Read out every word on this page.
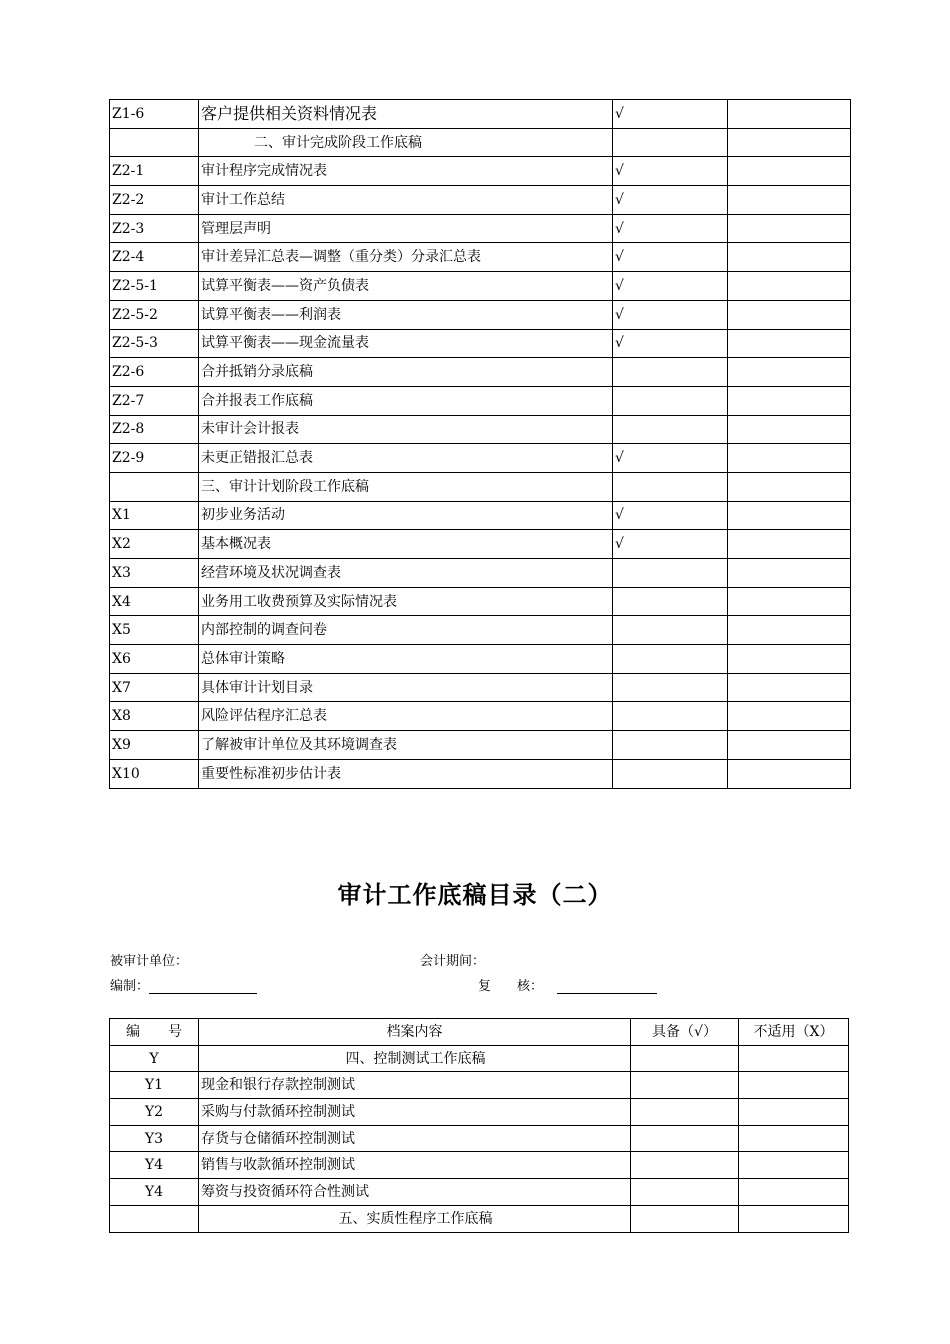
Z1-6	客户提供相关资料情况表	√	
	二、审计完成阶段工作底稿		
Z2-1	审计程序完成情况表	√	
Z2-2	审计工作总结	√	
Z2-3	管理层声明	√	
Z2-4	审计差异汇总表—调整（重分类）分录汇总表	√	
Z2-5-1	试算平衡表——资产负债表	√	
Z2-5-2	试算平衡表——利润表	√	
Z2-5-3	试算平衡表——现金流量表	√	
Z2-6	合并抵销分录底稿		
Z2-7	合并报表工作底稿		
Z2-8	未审计会计报表		
Z2-9	未更正错报汇总表	√	
	三、审计计划阶段工作底稿		
X1	初步业务活动	√	
X2	基本概况表	√	
X3	经营环境及状况调查表		
X4	业务用工收费预算及实际情况表		
X5	内部控制的调查问卷		
X6	总体审计策略		
X7	具体审计计划目录		
X8	风险评估程序汇总表		
X9	了解被审计单位及其环境调查表		
X10	重要性标准初步估计表		
审计工作底稿目录（二）
被审计单位：	会计期间：
编制：	复　　核：
编　　号	档案内容	具备（√）	不适用（X）
Y	四、控制测试工作底稿		
Y1	现金和银行存款控制测试		
Y2	采购与付款循环控制测试		
Y3	存货与仓储循环控制测试		
Y4	销售与收款循环控制测试		
Y4	筹资与投资循环符合性测试		
	五、实质性程序工作底稿		
